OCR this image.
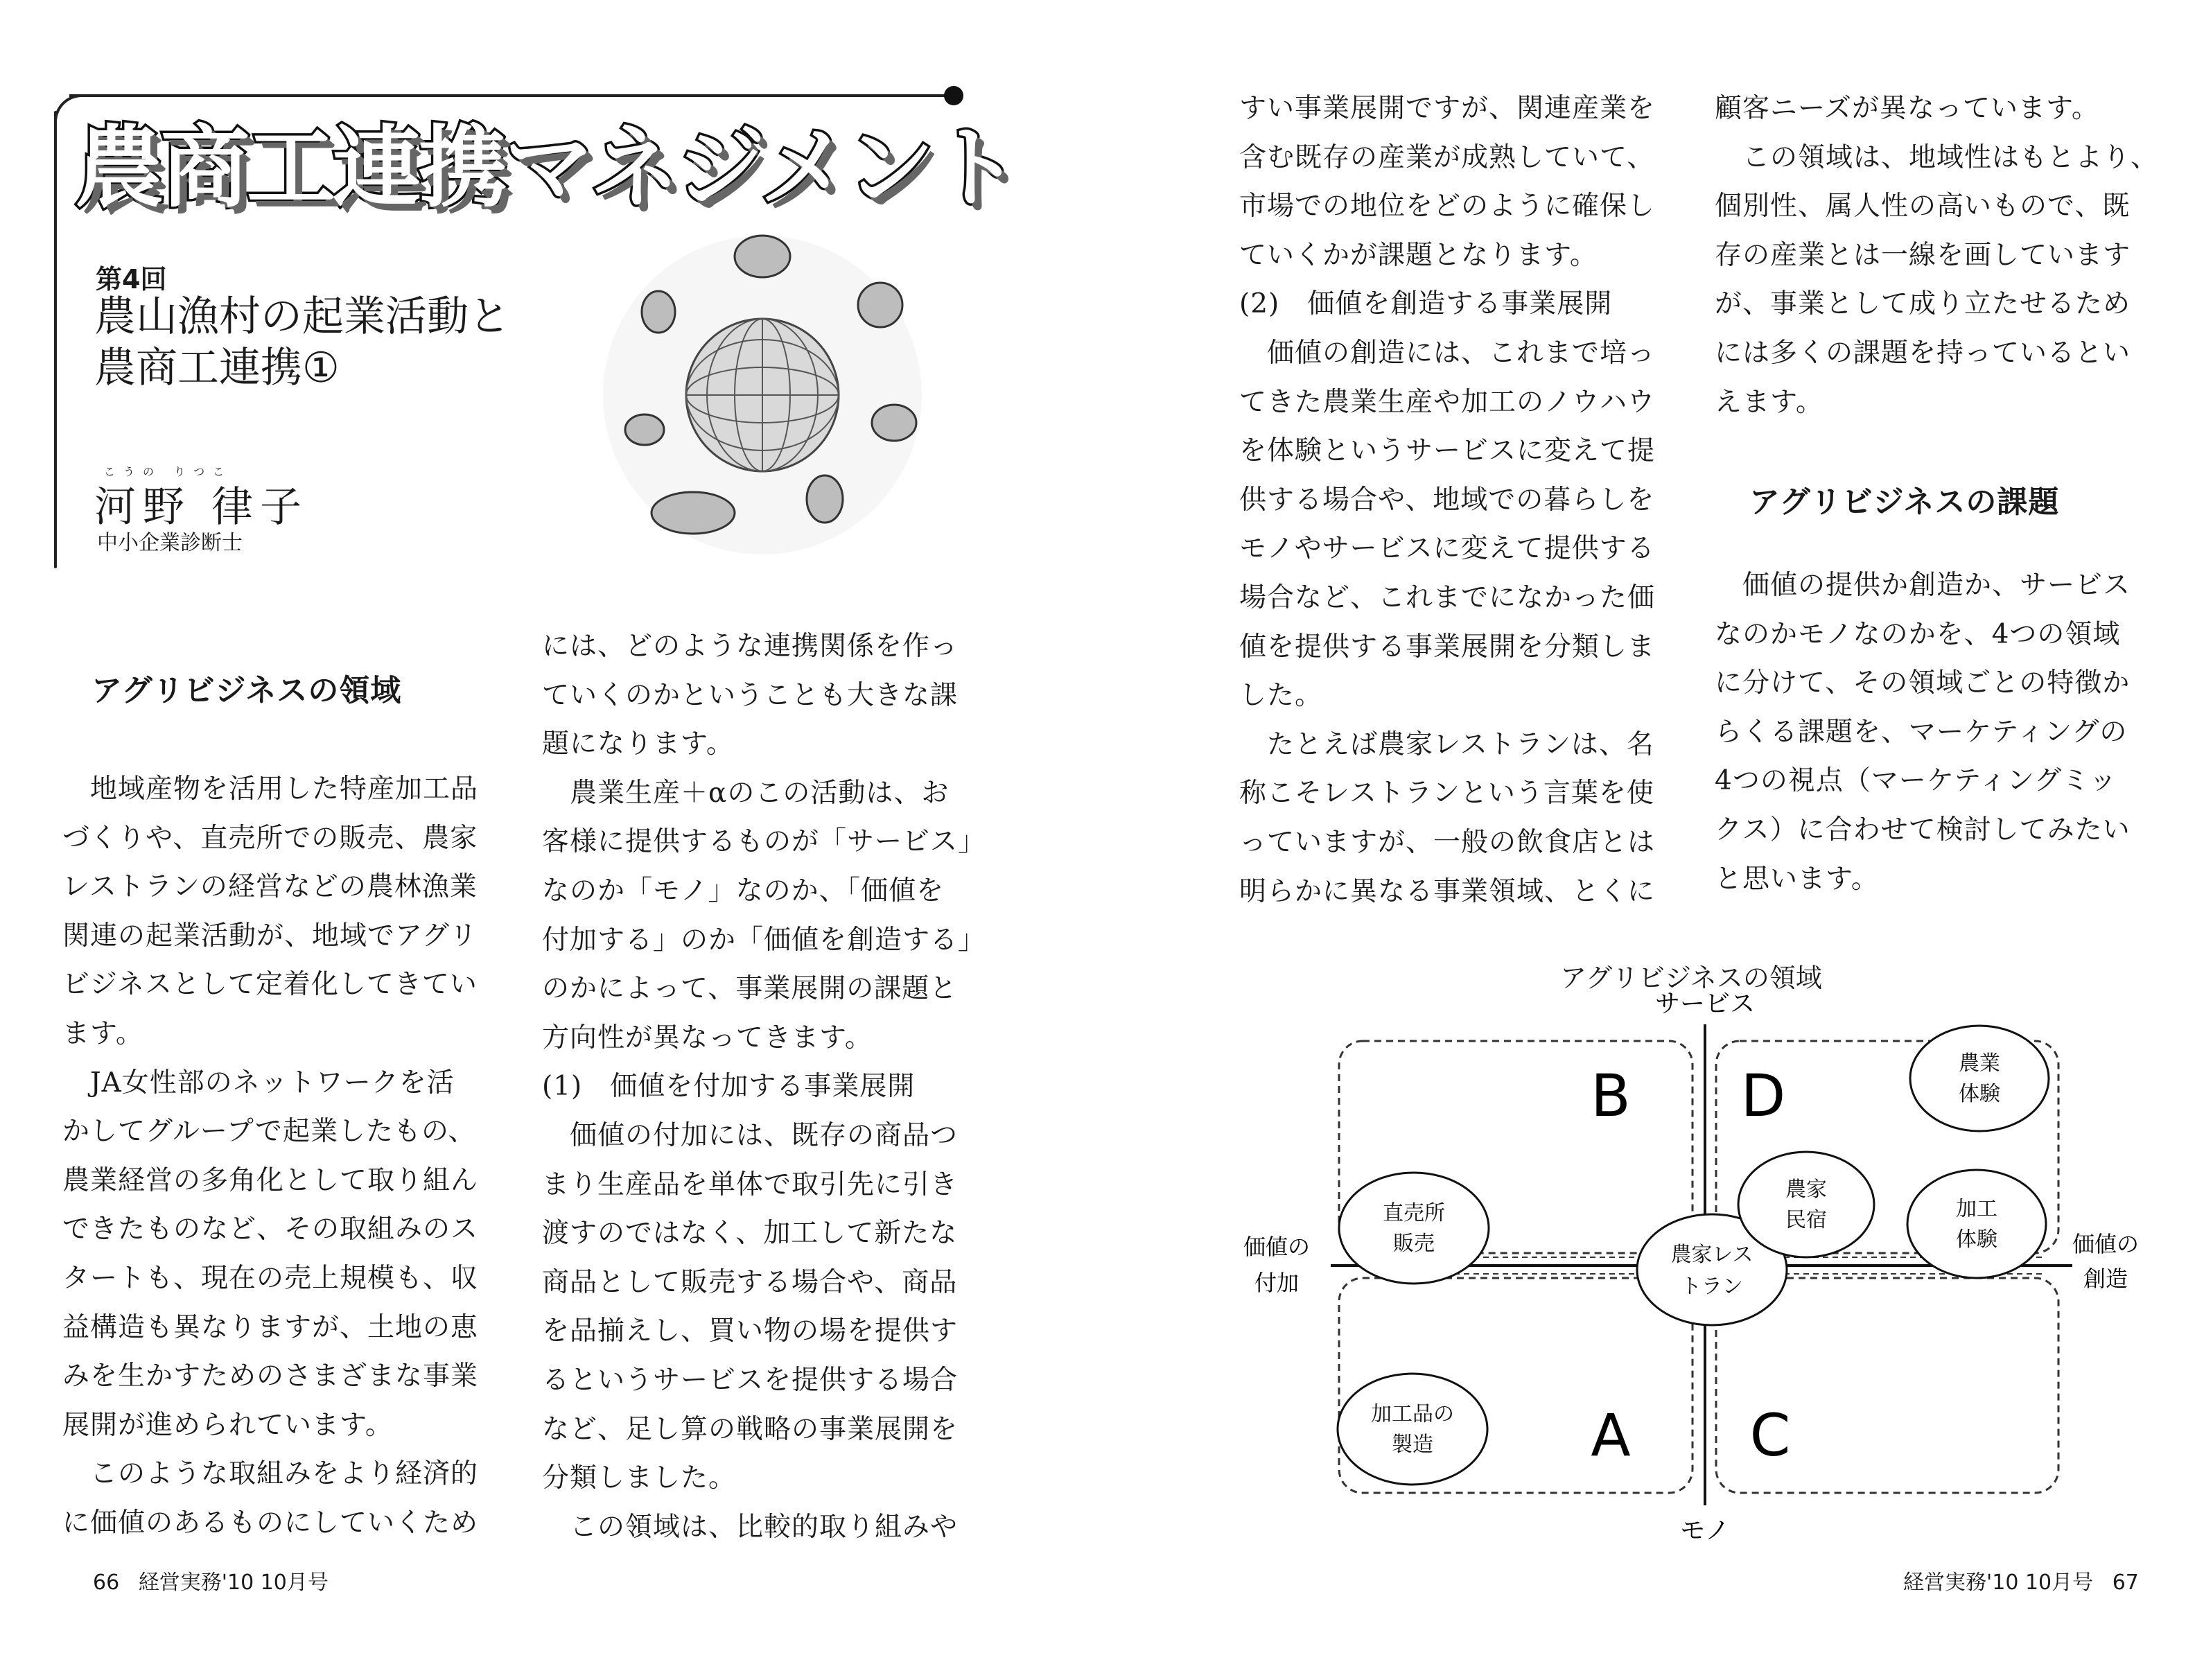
農商工連携マネジメント
第4回
農山漁村の起業活動と
農商工連携①
こうの りつこ
河野 律子
中小企業診断士
アグリビジネスの領域

地域産物を活用した特産加工品

づくりや、直売所での販売、農家

レストランの経営などの農林漁業

関連の起業活動が、地域でアグリ

ビジネスとして定着化してきてい

ます。

JA女性部のネットワークを活

かしてグループで起業したもの、

農業経営の多角化として取り組ん

できたものなど、その取組みのス

タートも、現在の売上規模も、収

益構造も異なりますが、土地の恵

みを生かすためのさまざまな事業

展開が進められています。

このような取組みをより経済的

に価値のあるものにしていくため

には、どのような連携関係を作っ

ていくのかということも大きな課

題になります。

農業生産＋αのこの活動は、お

客様に提供するものが「サービス」

なのか「モノ」なのか、「価値を

付加する」のか「価値を創造する」

のかによって、事業展開の課題と

方向性が異なってきます。

(1)　価値を付加する事業展開

価値の付加には、既存の商品つ

まり生産品を単体で取引先に引き

渡すのではなく、加工して新たな

商品として販売する場合や、商品

を品揃えし、買い物の場を提供す

るというサービスを提供する場合

など、足し算の戦略の事業展開を

分類しました。

この領域は、比較的取り組みや

66 経営実務'10 10月号

すい事業展開ですが、関連産業を

含む既存の産業が成熟していて、

市場での地位をどのように確保し

ていくかが課題となります。

(2)　価値を創造する事業展開

価値の創造には、これまで培っ

てきた農業生産や加工のノウハウ

を体験というサービスに変えて提

供する場合や、地域での暮らしを

モノやサービスに変えて提供する

場合など、これまでになかった価

値を提供する事業展開を分類しま

した。

たとえば農家レストランは、名

称こそレストランという言葉を使

っていますが、一般の飲食店とは

明らかに異なる事業領域、とくに

顧客ニーズが異なっています。

この領域は、地域性はもとより、

個別性、属人性の高いもので、既

存の産業とは一線を画しています

が、事業として成り立たせるため

には多くの課題を持っているとい

えます。

アグリビジネスの課題

価値の提供か創造か、サービス

なのかモノなのかを、4つの領域

に分けて、その領域ごとの特徴か

らくる課題を、マーケティングの

4つの視点（マーケティングミッ

クス）に合わせて検討してみたい

と思います。

経営実務'10 10月号 67
アグリビジネスの領域
サービス
モノ
価値の
付加
価値の
創造
B D
A C
直売所
販売
加工品の
製造
農家レス
トラン
農家
民宿
農業
体験
加工
体験
